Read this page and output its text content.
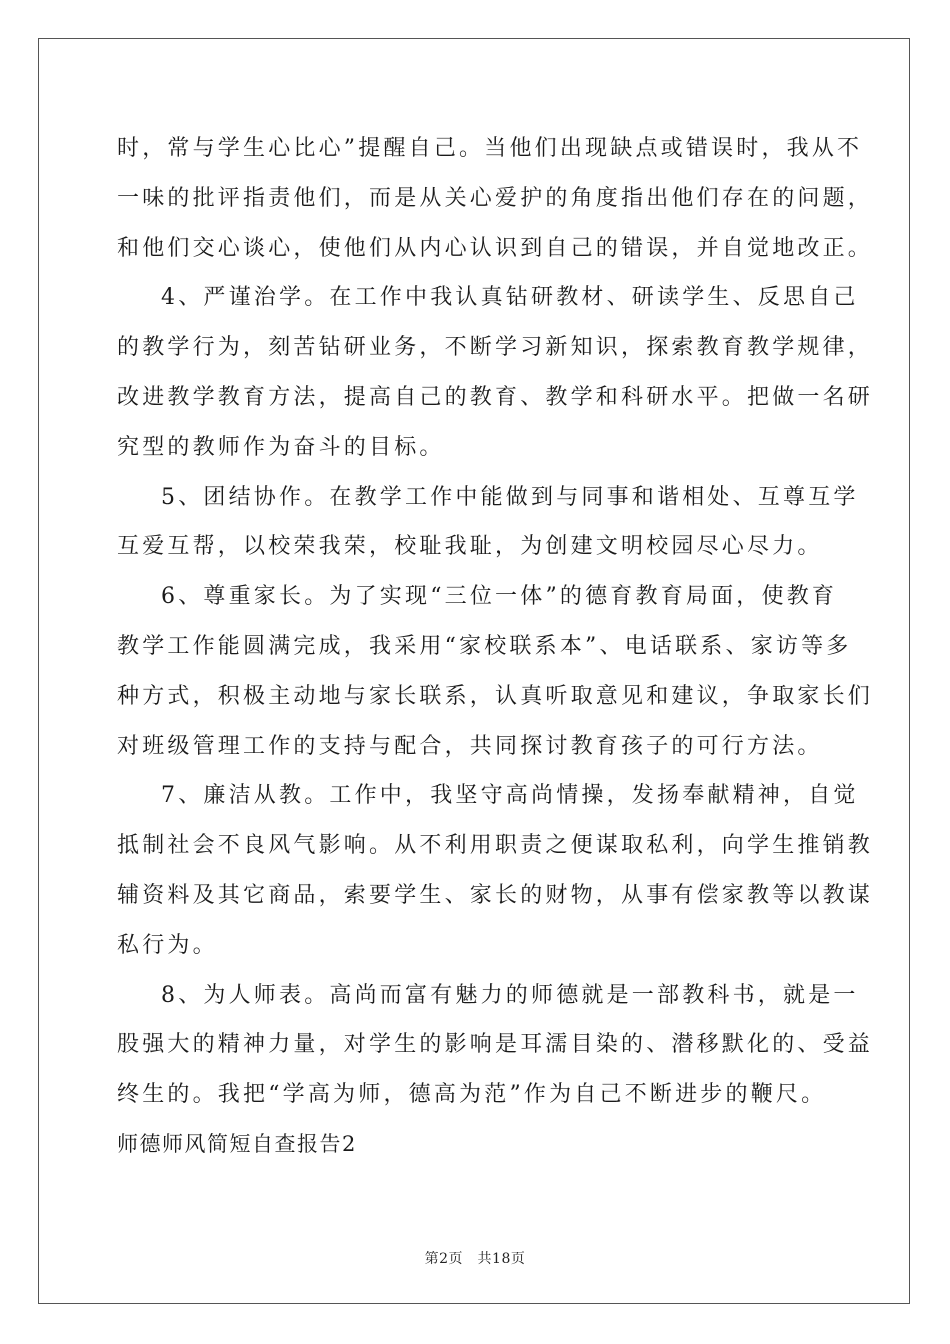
时，常与学生心比心”提醒自己。当他们出现缺点或错误时，我从不
一味的批评指责他们，而是从关心爱护的角度指出他们存在的问题，
和他们交心谈心，使他们从内心认识到自己的错误，并自觉地改正。
4、严谨治学。在工作中我认真钻研教材、研读学生、反思自己
的教学行为，刻苦钻研业务，不断学习新知识，探索教育教学规律，
改进教学教育方法，提高自己的教育、教学和科研水平。把做一名研
究型的教师作为奋斗的目标。
5、团结协作。在教学工作中能做到与同事和谐相处、互尊互学
互爱互帮，以校荣我荣，校耻我耻，为创建文明校园尽心尽力。
6、尊重家长。为了实现“三位一体”的德育教育局面，使教育
教学工作能圆满完成，我采用“家校联系本”、电话联系、家访等多
种方式，积极主动地与家长联系，认真听取意见和建议，争取家长们
对班级管理工作的支持与配合，共同探讨教育孩子的可行方法。
7、廉洁从教。工作中，我坚守高尚情操，发扬奉献精神，自觉
抵制社会不良风气影响。从不利用职责之便谋取私利，向学生推销教
辅资料及其它商品，索要学生、家长的财物，从事有偿家教等以教谋
私行为。
8、为人师表。高尚而富有魅力的师德就是一部教科书，就是一
股强大的精神力量，对学生的影响是耳濡目染的、潜移默化的、受益
终生的。我把“学高为师，德高为范”作为自己不断进步的鞭尺。
师德师风简短自查报告2
第2页　共18页
